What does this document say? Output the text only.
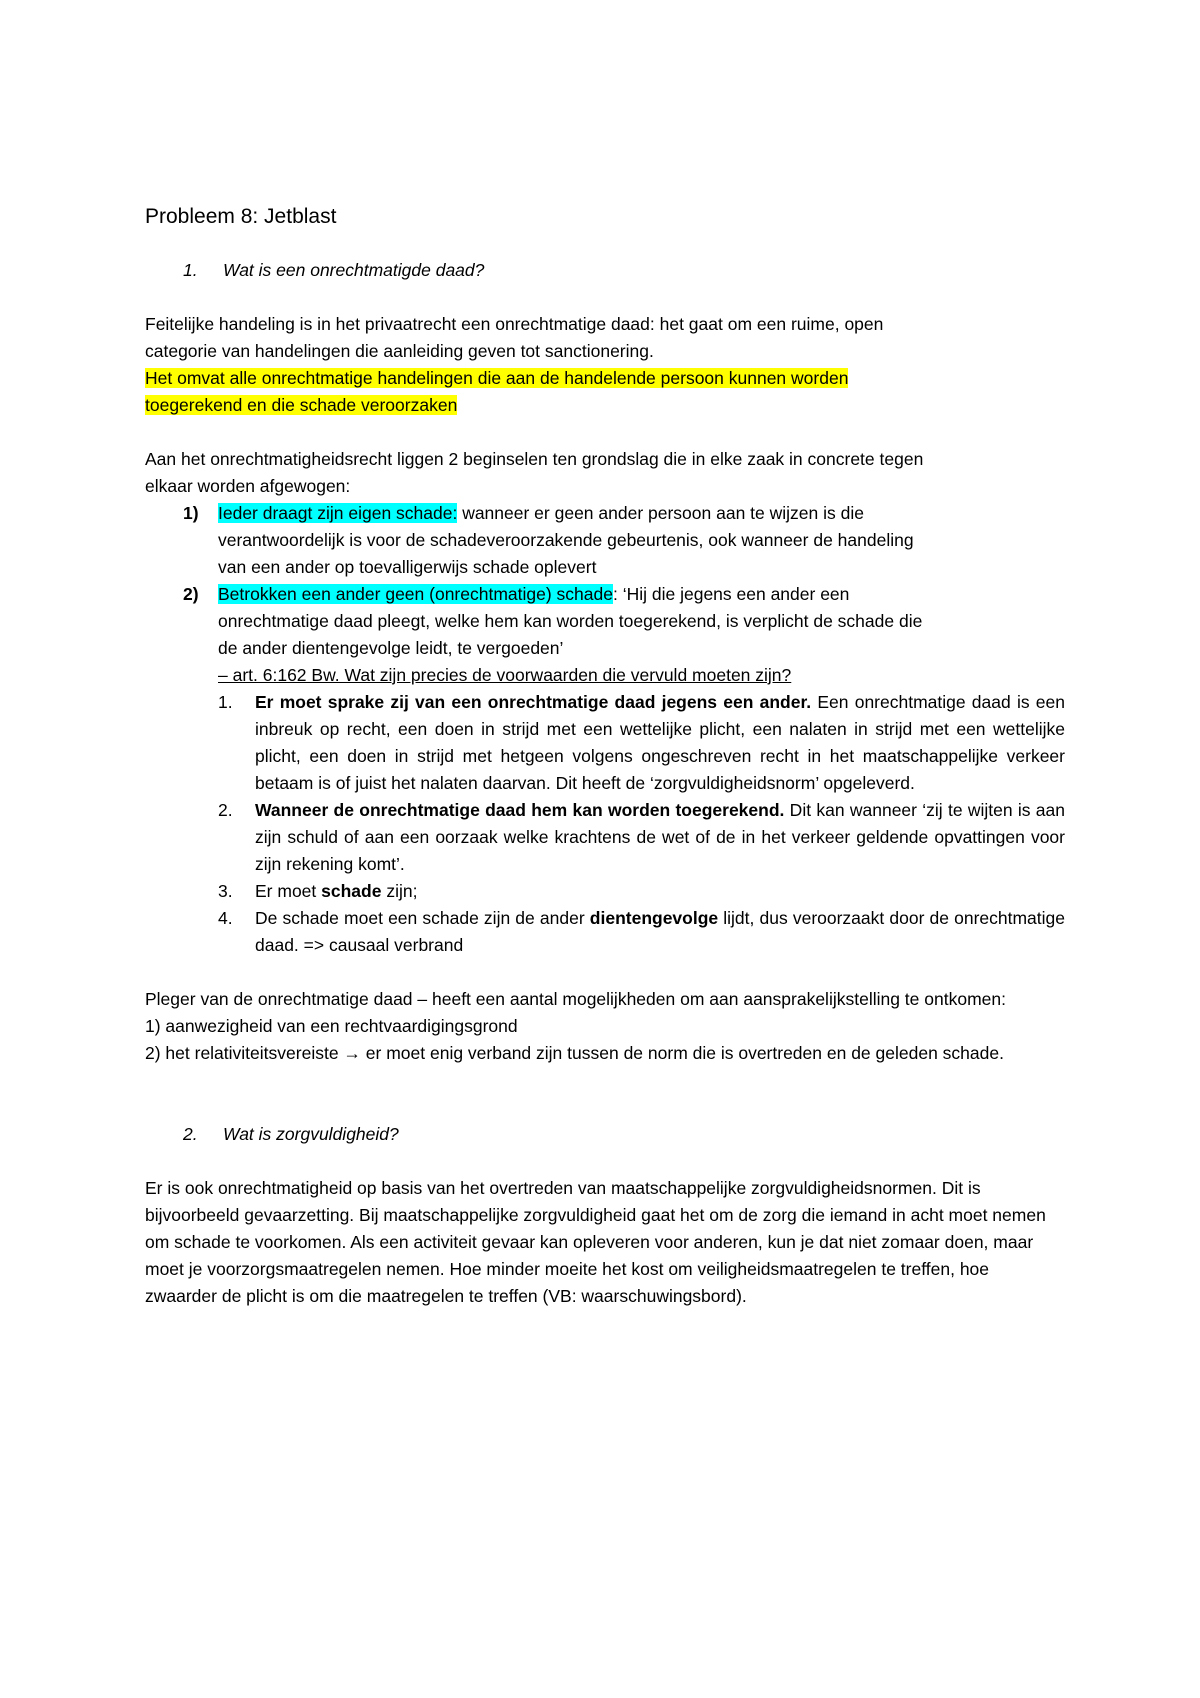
Probleem 8: Jetblast
1.	Wat is een onrechtmatigde daad?

Feitelijke handeling is in het privaatrecht een onrechtmatige daad: het gaat om een ruime, open
categorie van handelingen die aanleiding geven tot sanctionering.
Het omvat alle onrechtmatige handelingen die aan de handelende persoon kunnen worden
toegerekend en die schade veroorzaken

Aan het onrechtmatigheidsrecht liggen 2 beginselen ten grondslag die in elke zaak in concrete tegen
elkaar worden afgewogen:

1)	Ieder draagt zijn eigen schade: wanneer er geen ander persoon aan te wijzen is die
verantwoordelijk is voor de schadeveroorzakende gebeurtenis, ook wanneer de handeling
van een ander op toevalligerwijs schade oplevert
2)	Betrokken een ander geen (onrechtmatige) schade: ‘Hij die jegens een ander een
onrechtmatige daad pleegt, welke hem kan worden toegerekend, is verplicht de schade die
de ander dientengevolge leidt, te vergoeden’
– art. 6:162 Bw. Wat zijn precies de voorwaarden die vervuld moeten zijn?
1.	Er moet sprake zij van een onrechtmatige daad jegens een ander. Een onrechtmatige daad is een inbreuk op recht, een doen in strijd met een wettelijke plicht, een nalaten in strijd met een wettelijke plicht, een doen in strijd met hetgeen volgens ongeschreven recht in het maatschappelijke verkeer betaam is of juist het nalaten daarvan. Dit heeft de ‘zorgvuldigheidsnorm’ opgeleverd.
2.	Wanneer de onrechtmatige daad hem kan worden toegerekend. Dit kan wanneer ‘zij te wijten is aan zijn schuld of aan een oorzaak welke krachtens de wet of de in het verkeer geldende opvattingen voor zijn rekening komt’.
3.	Er moet schade zijn;
4.	De schade moet een schade zijn de ander dientengevolge lijdt, dus veroorzaakt door de onrechtmatige daad. => causaal verbrand

Pleger van de onrechtmatige daad – heeft een aantal mogelijkheden om aan aansprakelijkstelling te ontkomen:
1) aanwezigheid van een rechtvaardigingsgrond
2) het relativiteitsvereiste → er moet enig verband zijn tussen de norm die is overtreden en de geleden schade.

2.	Wat is zorgvuldigheid?

Er is ook onrechtmatigheid op basis van het overtreden van maatschappelijke zorgvuldigheidsnormen. Dit is bijvoorbeeld gevaarzetting. Bij maatschappelijke zorgvuldigheid gaat het om de zorg die iemand in acht moet nemen om schade te voorkomen. Als een activiteit gevaar kan opleveren voor anderen, kun je dat niet zomaar doen, maar moet je voorzorgsmaatregelen nemen. Hoe minder moeite het kost om veiligheidsmaatregelen te treffen, hoe zwaarder de plicht is om die maatregelen te treffen (VB: waarschuwingsbord).
